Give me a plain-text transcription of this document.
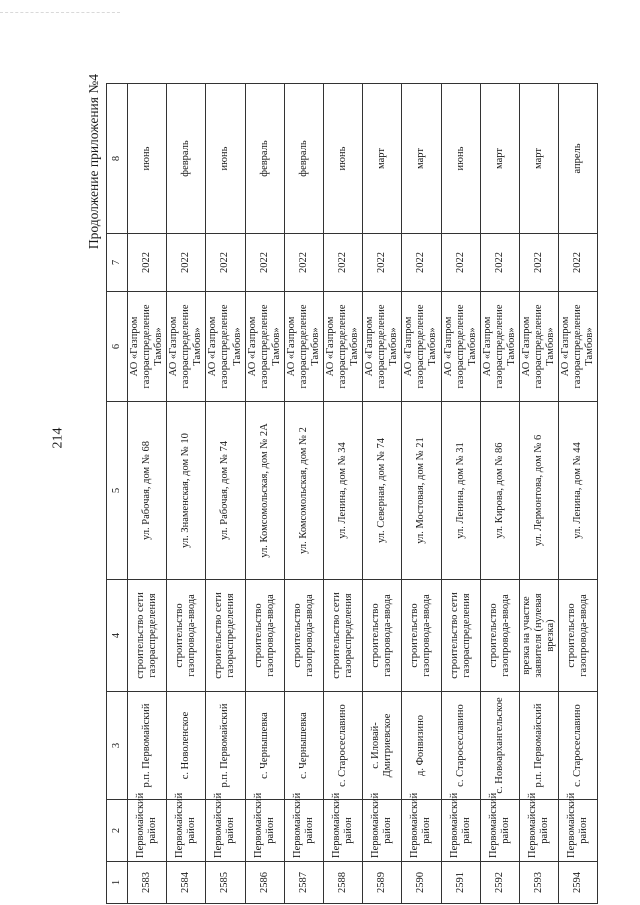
214
Продолжение приложения №4
1	2	3	4	5	6	7	8
2583	Первомайский район	р.п. Первомайский	строительство сети газораспределения	ул. Рабочая, дом № 68	АО «Газпром газораспределение Тамбов»	2022	июнь
2584	Первомайский район	с. Новоленское	строительство газопровода-ввода	ул. Знаменская, дом № 10	АО «Газпром газораспределение Тамбов»	2022	февраль
2585	Первомайский район	р.п. Первомайский	строительство сети газораспределения	ул. Рабочая, дом № 74	АО «Газпром газораспределение Тамбов»	2022	июнь
2586	Первомайский район	с. Чернышевка	строительство газопровода-ввода	ул. Комсомольская, дом № 2А	АО «Газпром газораспределение Тамбов»	2022	февраль
2587	Первомайский район	с. Чернышевка	строительство газопровода-ввода	ул. Комсомольская, дом № 2	АО «Газпром газораспределение Тамбов»	2022	февраль
2588	Первомайский район	с. Старосеславино	строительство сети газораспределения	ул. Ленина, дом № 34	АО «Газпром газораспределение Тамбов»	2022	июнь
2589	Первомайский район	с. Иловай-Дмитриевское	строительство газопровода-ввода	ул. Северная, дом № 74	АО «Газпром газораспределение Тамбов»	2022	март
2590	Первомайский район	д. Фонвизино	строительство газопровода-ввода	ул. Мостовая, дом № 21	АО «Газпром газораспределение Тамбов»	2022	март
2591	Первомайский район	с. Старосеславино	строительство сети газораспределения	ул. Ленина, дом № 31	АО «Газпром газораспределение Тамбов»	2022	июнь
2592	Первомайский район	с. Новоархангельское	строительство газопровода-ввода	ул. Кирова, дом № 86	АО «Газпром газораспределение Тамбов»	2022	март
2593	Первомайский район	р.п. Первомайский	врезка на участке заявителя (нулевая врезка)	ул. Лермонтова, дом № 6	АО «Газпром газораспределение Тамбов»	2022	март
2594	Первомайский район	с. Старосеславино	строительство газопровода-ввода	ул. Ленина, дом № 44	АО «Газпром газораспределение Тамбов»	2022	апрель
